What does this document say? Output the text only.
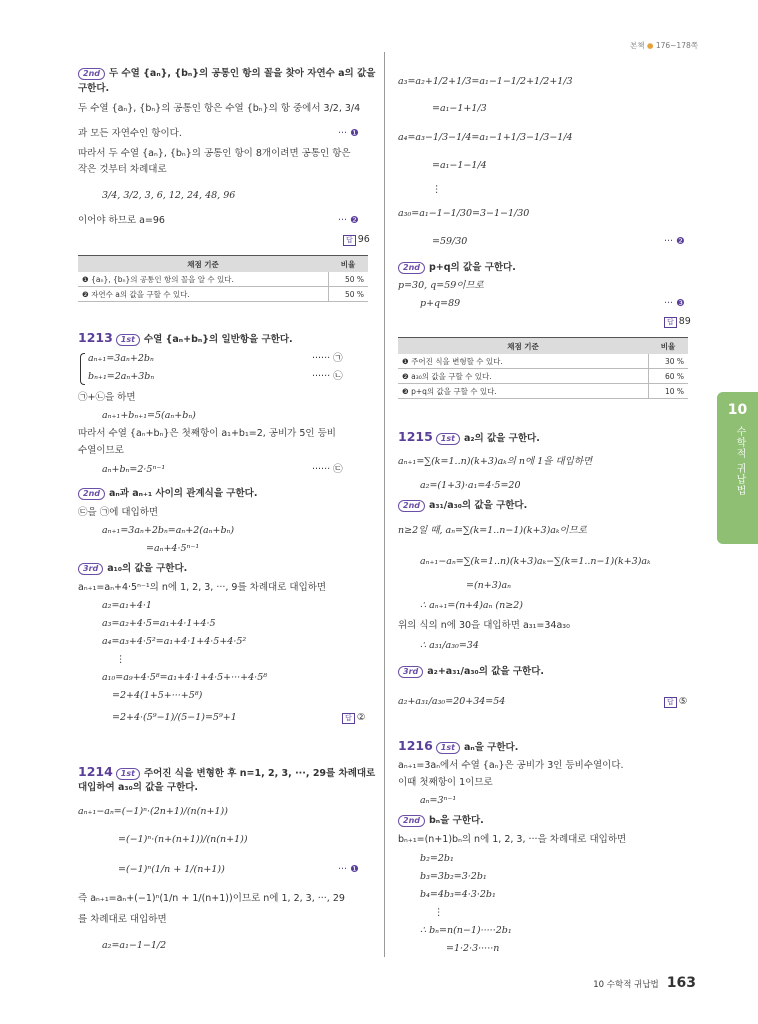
본책 ● 176~178쪽
10
수학적 귀납법
2nd 두 수열 {aₙ}, {bₙ}의 공통인 항의 꼴을 찾아 자연수 a의 값을
구한다.
두 수열 {aₙ}, {bₙ}의 공통인 항은 수열 {bₙ}의 항 중에서 3/2, 3/4
과 모든 자연수인 항이다.	··· ❶
따라서 두 수열 {aₙ}, {bₙ}의 공통인 항이 8개이려면 공통인 항은
작은 것부터 차례대로
3/4, 3/2, 3, 6, 12, 24, 48, 96
이어야 하므로 a=96	··· ❷
답 96
채점 기준	비율
❶ {aₙ}, {bₙ}의 공통인 항의 꼴을 알 수 있다.	50 %
❷ 자연수 a의 값을 구할 수 있다.	50 %
1213 1st 수열 {aₙ+bₙ}의 일반항을 구한다.
aₙ₊₁=3aₙ+2bₙ	······ ㉠
bₙ₊₁=2aₙ+3bₙ	······ ㉡
㉠+㉡을 하면
aₙ₊₁+bₙ₊₁=5(aₙ+bₙ)
따라서 수열 {aₙ+bₙ}은 첫째항이 a₁+b₁=2, 공비가 5인 등비
수열이므로
aₙ+bₙ=2·5ⁿ⁻¹	······ ㉢
2nd aₙ과 aₙ₊₁ 사이의 관계식을 구한다.
㉢을 ㉠에 대입하면
aₙ₊₁=3aₙ+2bₙ=aₙ+2(aₙ+bₙ)
=aₙ+4·5ⁿ⁻¹
3rd a₁₀의 값을 구한다.
aₙ₊₁=aₙ+4·5ⁿ⁻¹의 n에 1, 2, 3, ···, 9를 차례대로 대입하면
a₂=a₁+4·1
a₃=a₂+4·5=a₁+4·1+4·5
a₄=a₃+4·5²=a₁+4·1+4·5+4·5²
⋮
a₁₀=a₉+4·5⁸=a₁+4·1+4·5+···+4·5⁸
=2+4(1+5+···+5⁸)
=2+4·(5⁹−1)/(5−1)=5⁹+1	답 ②
1214 1st 주어진 식을 변형한 후 n=1, 2, 3, ···, 29를 차례대로
대입하여 a₃₀의 값을 구한다.
aₙ₊₁−aₙ=(−1)ⁿ·(2n+1)/(n(n+1))
=(−1)ⁿ·(n+(n+1))/(n(n+1))
=(−1)ⁿ(1/n + 1/(n+1))	··· ❶
즉 aₙ₊₁=aₙ+(−1)ⁿ(1/n + 1/(n+1))이므로 n에 1, 2, 3, ···, 29
를 차례대로 대입하면
a₂=a₁−1−1/2
a₃=a₂+1/2+1/3=a₁−1−1/2+1/2+1/3
=a₁−1+1/3
a₄=a₃−1/3−1/4=a₁−1+1/3−1/3−1/4
=a₁−1−1/4
⋮
a₃₀=a₁−1−1/30=3−1−1/30
=59/30	··· ❷
2nd p+q의 값을 구한다.
p=30, q=59이므로
p+q=89	··· ❸
답 89
채점 기준	비율
❶ 주어진 식을 변형할 수 있다.	30 %
❷ a₃₀의 값을 구할 수 있다.	60 %
❸ p+q의 값을 구할 수 있다.	10 %
1215 1st a₂의 값을 구한다.
aₙ₊₁=∑(k=1..n)(k+3)aₖ의 n에 1을 대입하면
a₂=(1+3)·a₁=4·5=20
2nd a₃₁/a₃₀의 값을 구한다.
n≥2일 때, aₙ=∑(k=1..n−1)(k+3)aₖ이므로
aₙ₊₁−aₙ=∑(k=1..n)(k+3)aₖ−∑(k=1..n−1)(k+3)aₖ
=(n+3)aₙ
∴ aₙ₊₁=(n+4)aₙ (n≥2)
위의 식의 n에 30을 대입하면 a₃₁=34a₃₀
∴ a₃₁/a₃₀=34
3rd a₂+a₃₁/a₃₀의 값을 구한다.
a₂+a₃₁/a₃₀=20+34=54	답 ⑤
1216 1st aₙ을 구한다.
aₙ₊₁=3aₙ에서 수열 {aₙ}은 공비가 3인 등비수열이다.
이때 첫째항이 1이므로
aₙ=3ⁿ⁻¹
2nd bₙ을 구한다.
bₙ₊₁=(n+1)bₙ의 n에 1, 2, 3, ···을 차례대로 대입하면
b₂=2b₁
b₃=3b₂=3·2b₁
b₄=4b₃=4·3·2b₁
⋮
∴ bₙ=n(n−1)·····2b₁
=1·2·3·····n
10 수학적 귀납법 163
